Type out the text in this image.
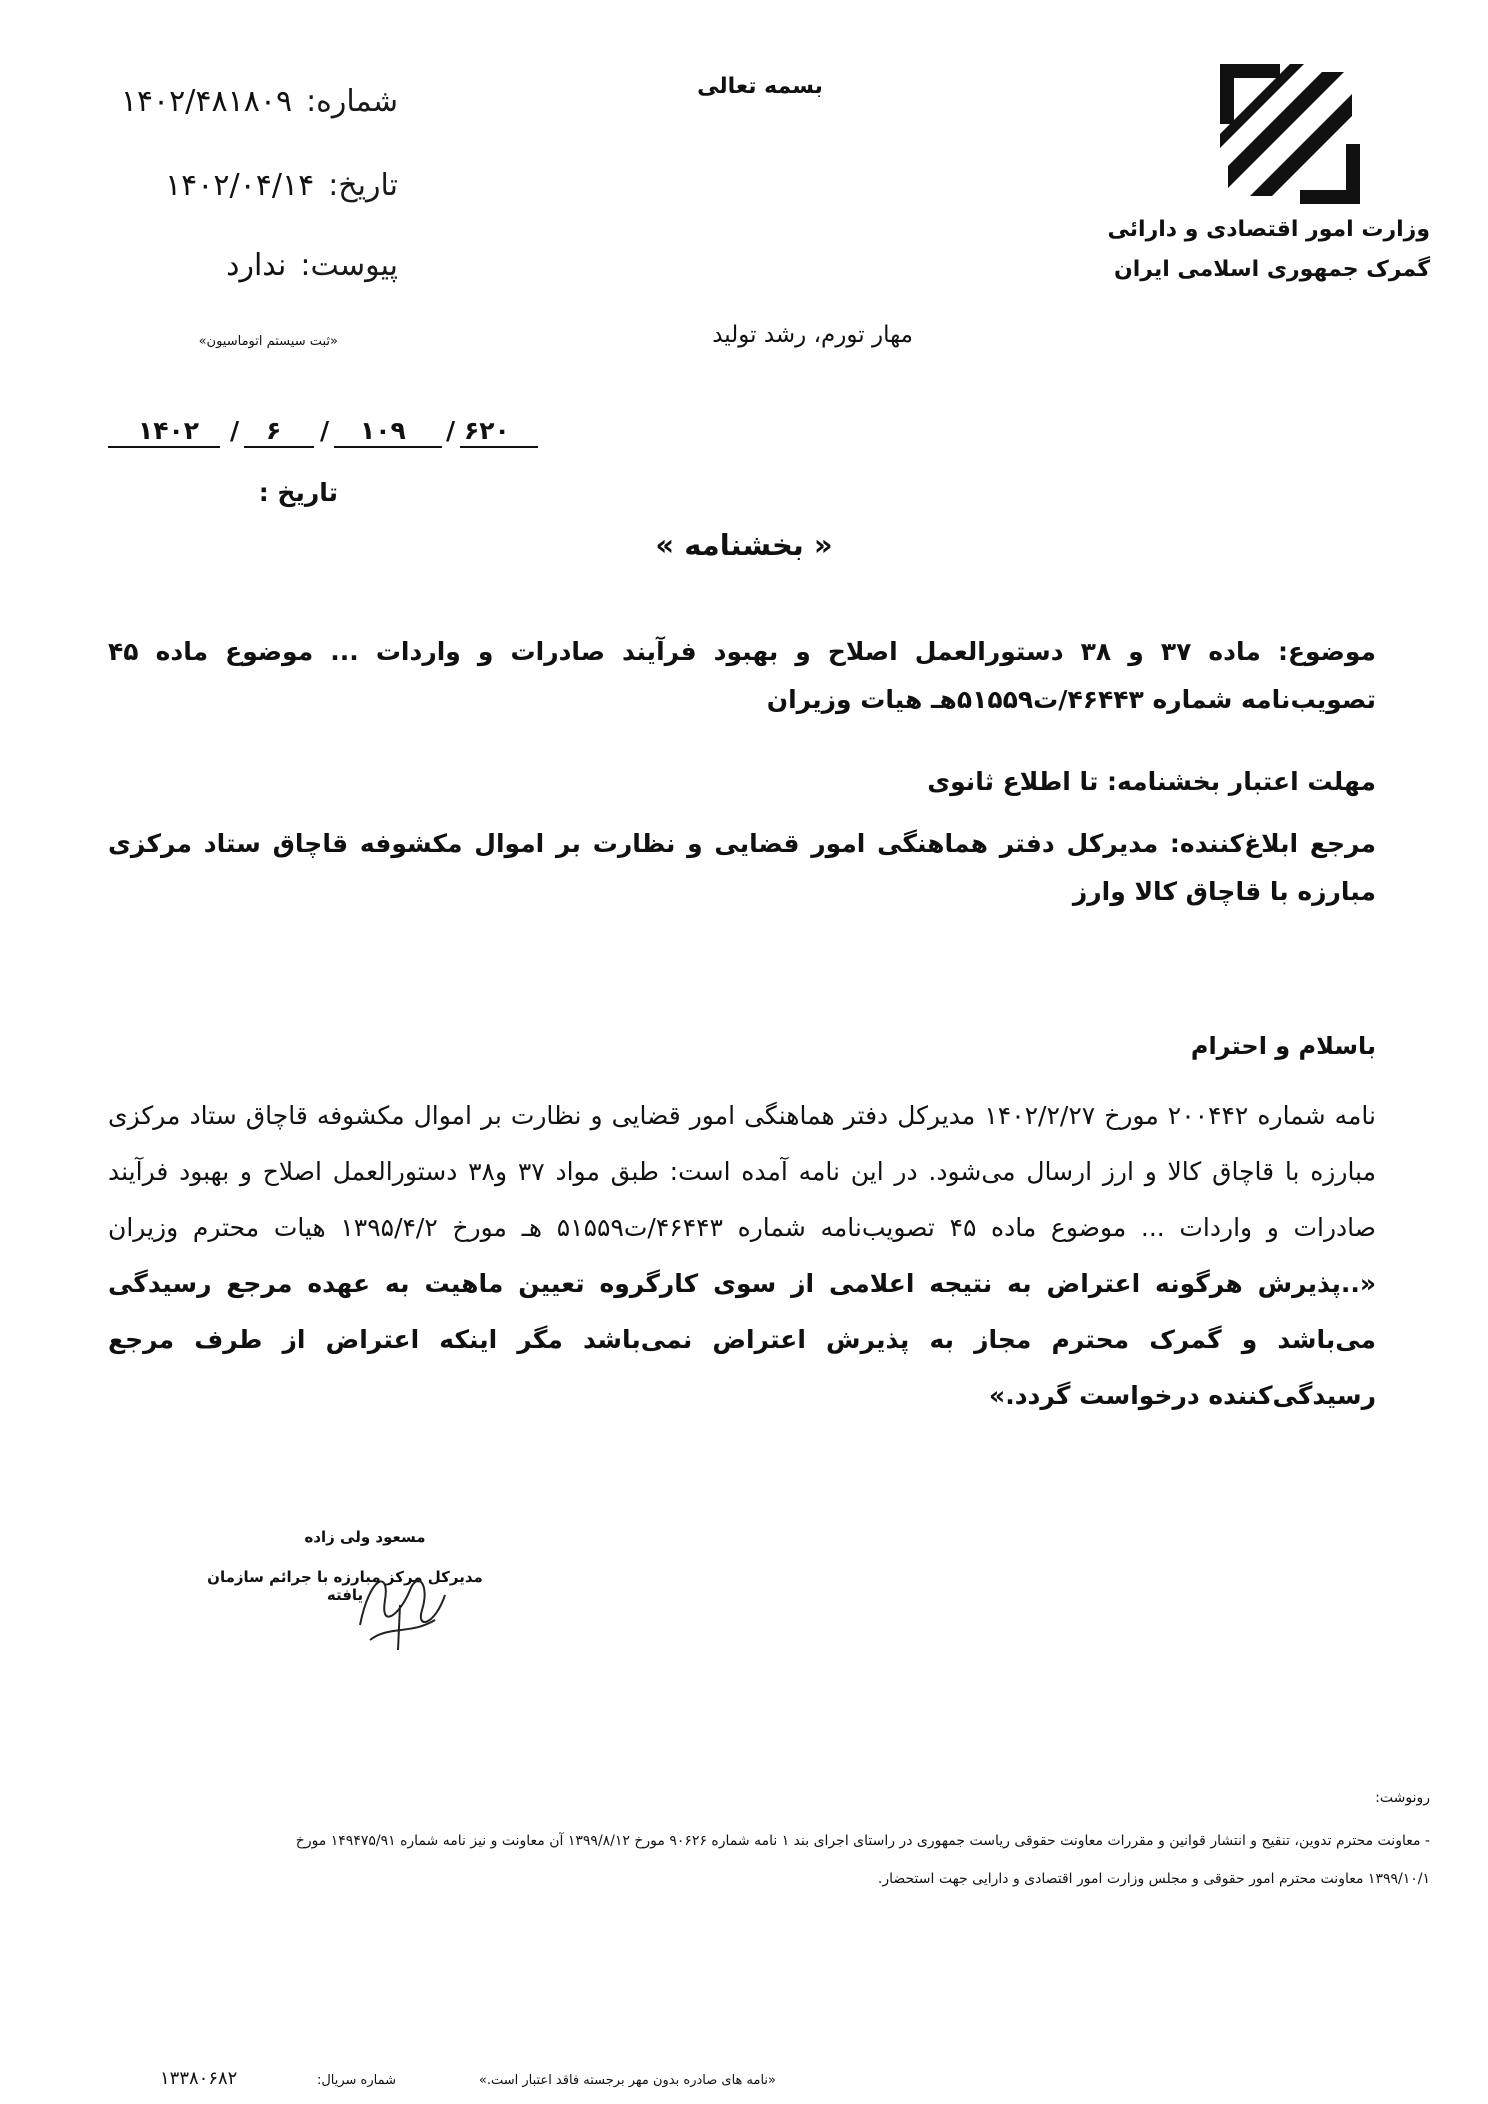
بسمه تعالی
وزارت امور اقتصادی و دارائی
گمرک جمهوری اسلامی ایران
شماره:۱۴۰۲/۴۸۱۸۰۹
تاریخ:۱۴۰۲/۰۴/۱۴
پیوست:ندارد
«ثبت سیستم اتوماسیون»	مهار تورم، رشد تولید
۱۴۰۲ / ۶ / ۱۰۹ / ۶۲۰
تاریخ :
« بخشنامه »
موضوع: ماده ۳۷ و ۳۸ دستورالعمل اصلاح و بهبود فرآیند صادرات و واردات ... موضوع ماده ۴۵ تصویب‌نامه شماره ۴۶۴۴۳/ت۵۱۵۵۹هـ هیات وزیران
مهلت اعتبار بخشنامه: تا اطلاع ثانوی
مرجع ابلاغ‌کننده: مدیرکل دفتر هماهنگی امور قضایی و نظارت بر اموال مکشوفه قاچاق ستاد مرکزی مبارزه با قاچاق کالا وارز
باسلام و احترام
نامه شماره ۲۰۰۴۴۲ مورخ ۱۴۰۲/۲/۲۷ مدیرکل دفتر هماهنگی امور قضایی و نظارت بر اموال مکشوفه قاچاق ستاد مرکزی مبارزه با قاچاق کالا و ارز ارسال می‌شود. در این نامه آمده است: طبق مواد ۳۷ و۳۸ دستورالعمل اصلاح و بهبود فرآیند صادرات و واردات ... موضوع ماده ۴۵ تصویب‌نامه شماره ۴۶۴۴۳/ت۵۱۵۵۹ هـ مورخ ۱۳۹۵/۴/۲ هیات محترم وزیران «..پذیرش هرگونه اعتراض به نتیجه اعلامی از سوی کارگروه تعیین ماهیت به عهده مرجع رسیدگی می‌باشد و گمرک محترم مجاز به پذیرش اعتراض نمی‌باشد مگر اینکه اعتراض از طرف مرجع رسیدگی‌کننده درخواست گردد.»
مسعود ولی زاده
مدیرکل مرکز مبارزه با جرائم سازمان یافته
رونوشت:
- معاونت محترم تدوین، تنقیح و انتشار قوانین و مقررات معاونت حقوقی ریاست جمهوری در راستای اجرای بند ۱ نامه شماره ۹۰۶۲۶ مورخ ۱۳۹۹/۸/۱۲ آن معاونت و نیز نامه شماره ۱۴۹۴۷۵/۹۱ مورخ
۱۳۹۹/۱۰/۱ معاونت محترم امور حقوقی و مجلس وزارت امور اقتصادی و دارایی جهت استحضار.
«نامه های صادره بدون مهر برجسته فاقد اعتبار است.»
شماره سریال:
۱۳۳۸۰۶۸۲
